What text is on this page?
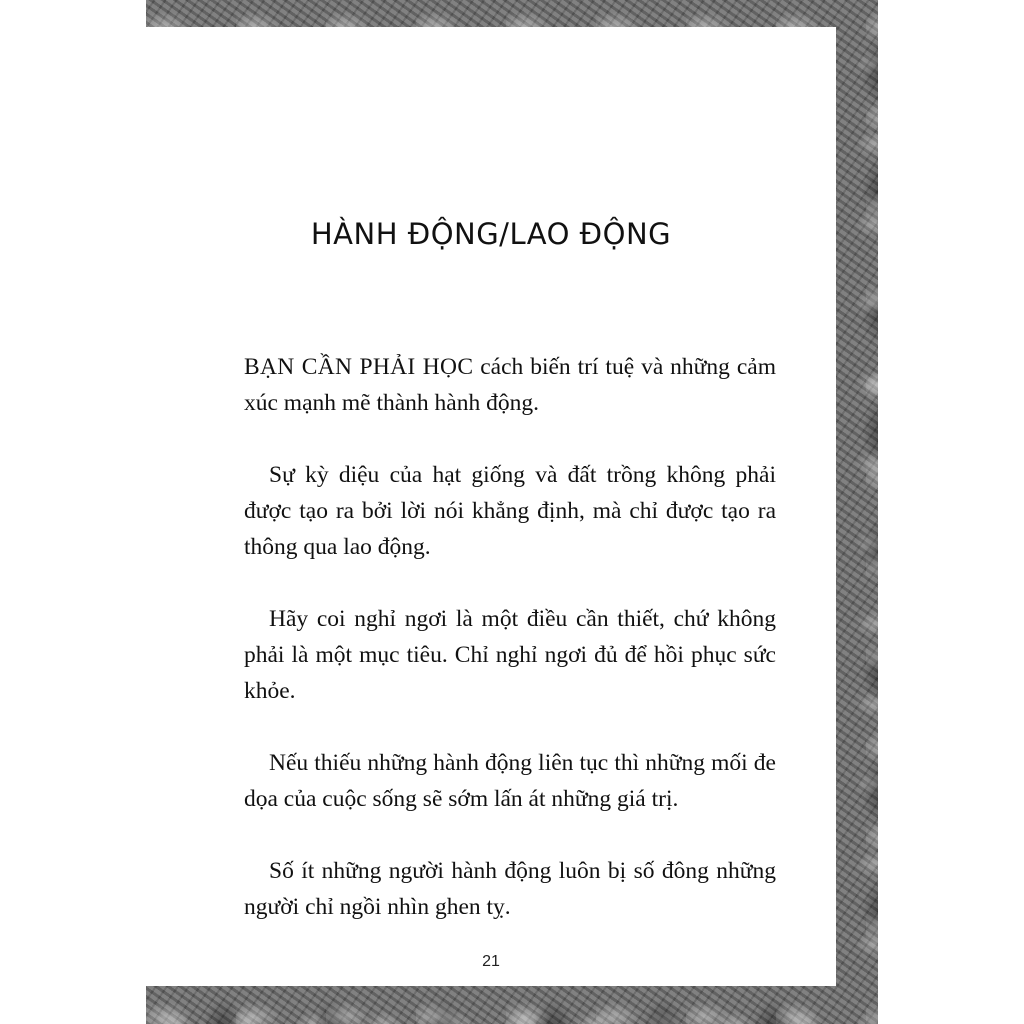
HÀNH ĐỘNG/LAO ĐỘNG

BẠN CẦN PHẢI HỌC cách biến trí tuệ và những cảm xúc mạnh mẽ thành hành động.

Sự kỳ diệu của hạt giống và đất trồng không phải được tạo ra bởi lời nói khẳng định, mà chỉ được tạo ra thông qua lao động.

Hãy coi nghỉ ngơi là một điều cần thiết, chứ không phải là một mục tiêu. Chỉ nghỉ ngơi đủ để hồi phục sức khỏe.

Nếu thiếu những hành động liên tục thì những mối đe dọa của cuộc sống sẽ sớm lấn át những giá trị.

Số ít những người hành động luôn bị số đông những người chỉ ngồi nhìn ghen tỵ.

21
